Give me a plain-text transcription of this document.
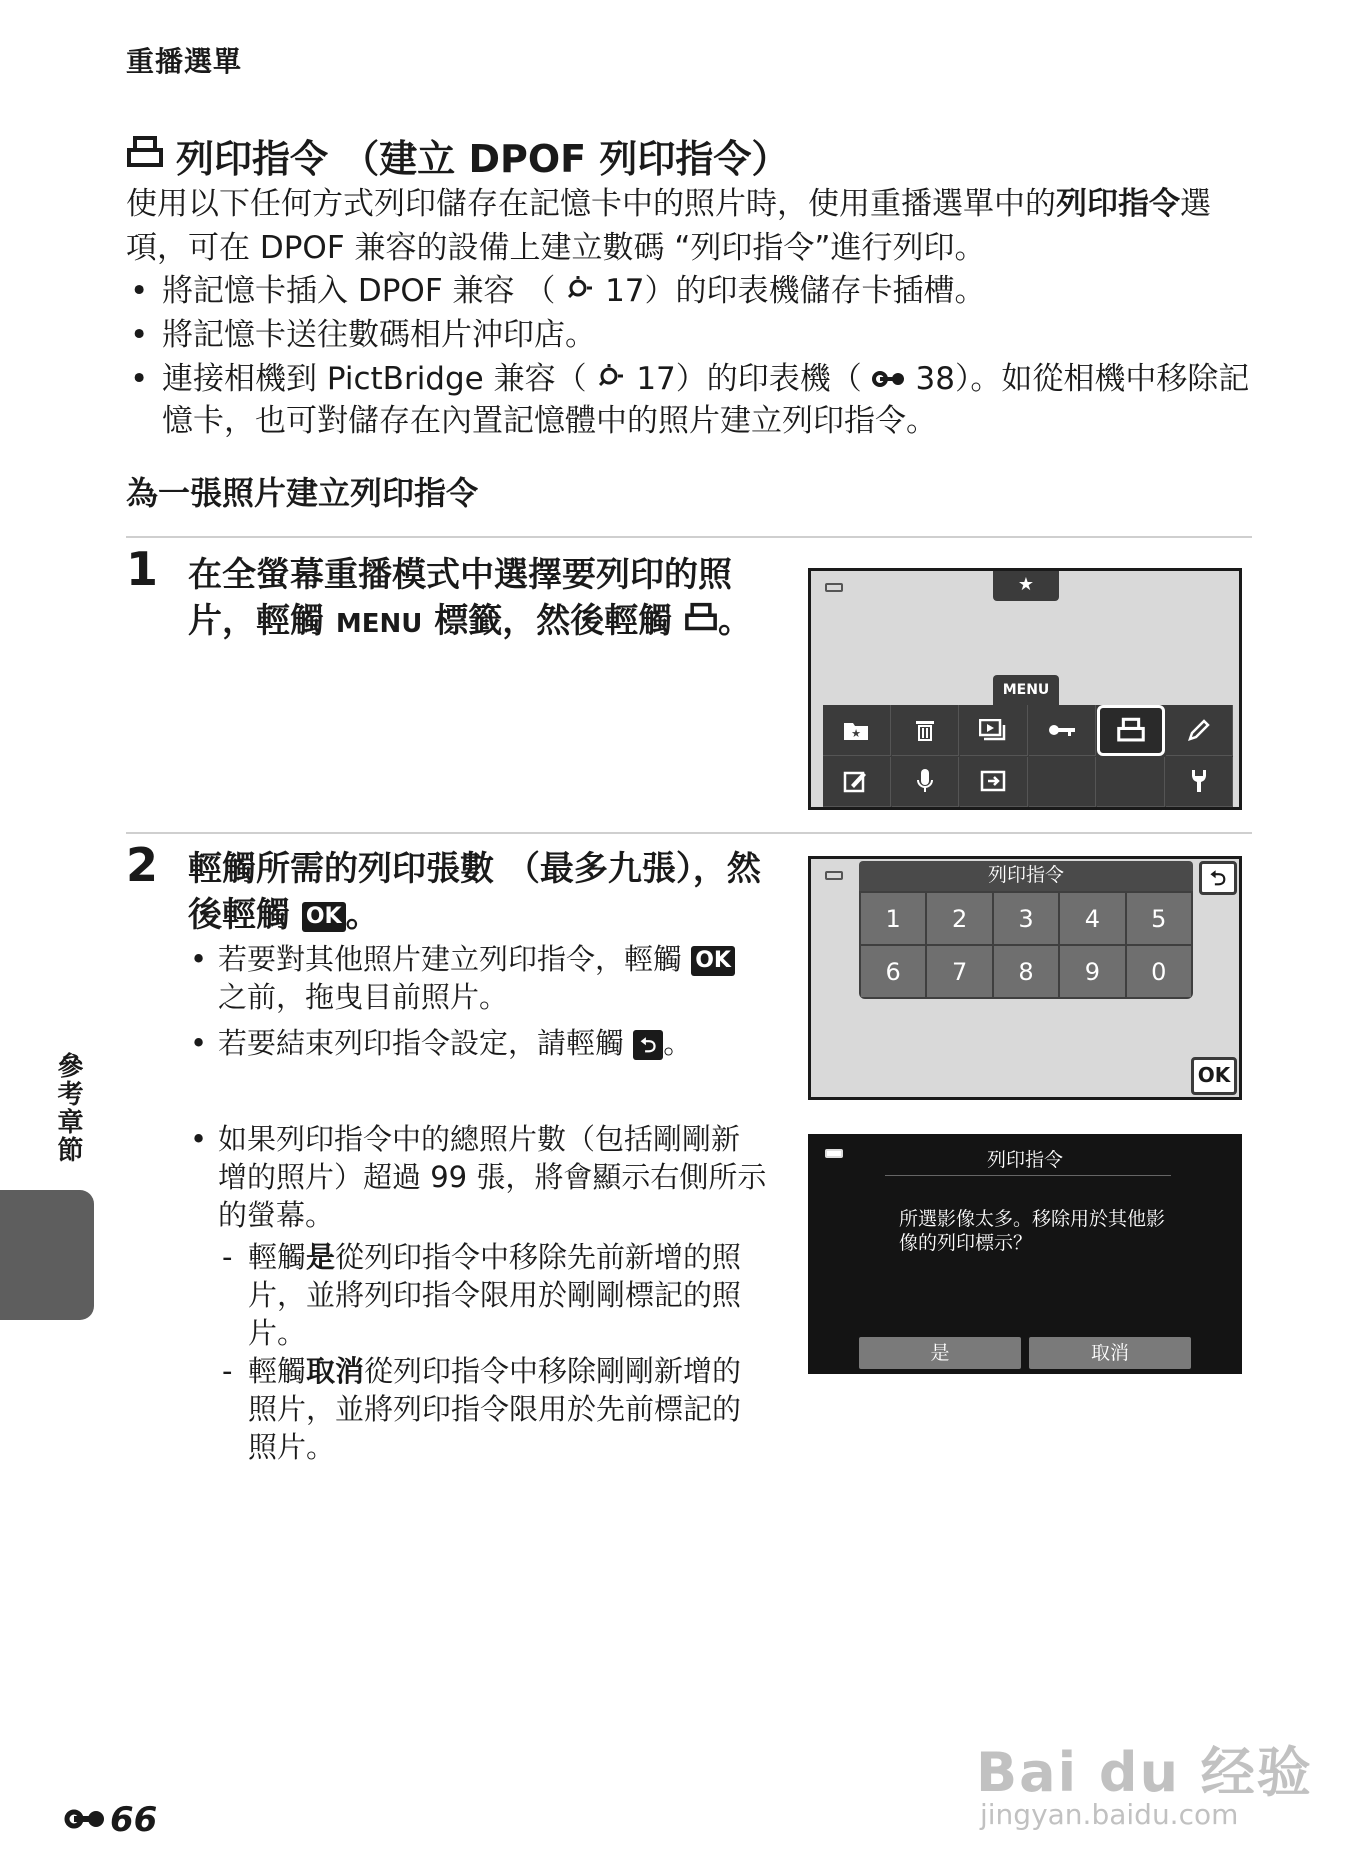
重播選單
列印指令 （建立 DPOF 列印指令）
使用以下任何方式列印儲存在記憶卡中的照片時，使用重播選單中的列印指令選項，可在 DPOF 兼容的設備上建立數碼 “列印指令”進行列印。
• 將記憶卡插入 DPOF 兼容 （ 17）的印表機儲存卡插槽。
• 將記憶卡送往數碼相片沖印店。
• 連接相機到 PictBridge 兼容（ 17）的印表機（ 38）。如從相機中移除記憶卡，也可對儲存在內置記憶體中的照片建立列印指令。
為一張照片建立列印指令
1 在全螢幕重播模式中選擇要列印的照片，輕觸 MENU 標籤，然後輕觸 。
★
MENU
★
2 輕觸所需的列印張數 （最多九張），然後輕觸 OK 。
• 若要對其他照片建立列印指令，輕觸 OK 之前，拖曳目前照片。
• 若要結束列印指令設定，請輕觸 ⮌ 。
列印指令	⮌
1	2	3	4	5
6	7	8	9	0
OK
• 如果列印指令中的總照片數（包括剛剛新增的照片）超過 99 張，將會顯示右側所示的螢幕。
- 輕觸是從列印指令中移除先前新增的照片，並將列印指令限用於剛剛標記的照片。
- 輕觸取消從列印指令中移除剛剛新增的照片，並將列印指令限用於先前標記的照片。
列印指令
所選影像太多。移除用於其他影像的列印標示？
是	取消
參考章節
66
Bai du 经验
jingyan.baidu.com
